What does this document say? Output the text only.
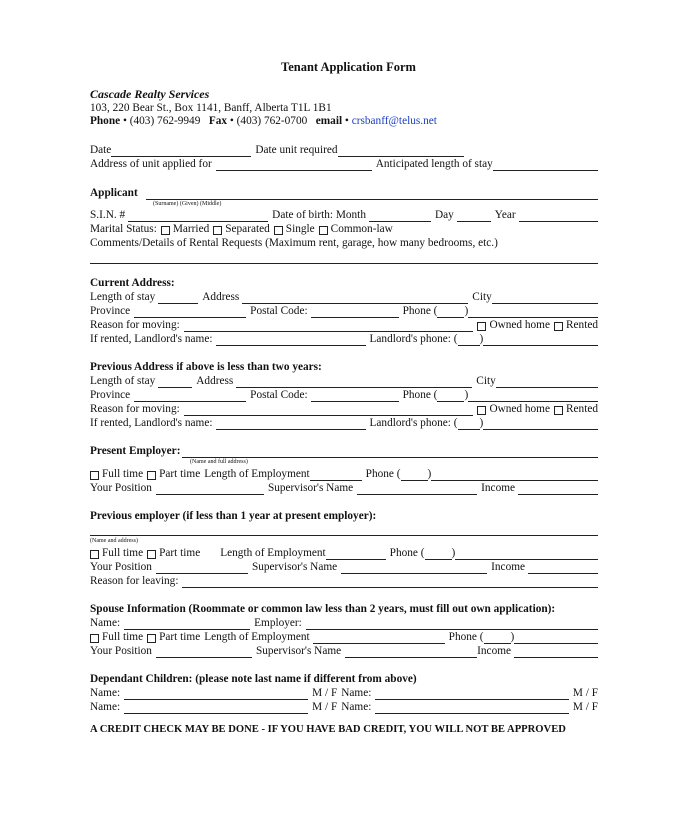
Tenant Application Form
Cascade Realty Services
103, 220 Bear St., Box 1141, Banff, Alberta T1L 1B1
Phone • (403) 762-9949 Fax • (403) 762-0700 email • crsbanff@telus.net
Date	Date unit required
Address of unit applied for	Anticipated length of stay
Applicant
(Surname) (Given) (Middle)
S.I.N. #	Date of birth: Month	Day	Year
Marital Status: Married Separated Single Common-law
Comments/Details of Rental Requests (Maximum rent, garage, how many bedrooms, etc.)
Current Address:
Length of stay	Address	City
Province	Postal Code:	Phone ( )
Reason for moving:	Owned home Rented
If rented, Landlord's name:	Landlord's phone: ( )
Previous Address if above is less than two years:
Length of stay	Address	City
Province	Postal Code:	Phone ( )
Reason for moving:	Owned home Rented
If rented, Landlord's name:	Landlord's phone: ( )
Present Employer:
(Name and full address)
Full time Part time Length of Employment	Phone ( )
Your Position	Supervisor's Name	Income
Previous employer (if less than 1 year at present employer):
(Name and address)
Full time Part time Length of Employment	Phone ( )
Your Position	Supervisor's Name	Income
Reason for leaving:
Spouse Information (Roommate or common law less than 2 years, must fill out own application):
Name:	Employer:
Full time Part time Length of Employment	Phone ( )
Your Position	Supervisor's Name	Income
Dependant Children: (please note last name if different from above)
Name:	M / F Name:	M / F
Name:	M / F Name:	M / F
A CREDIT CHECK MAY BE DONE - IF YOU HAVE BAD CREDIT, YOU WILL NOT BE APPROVED
